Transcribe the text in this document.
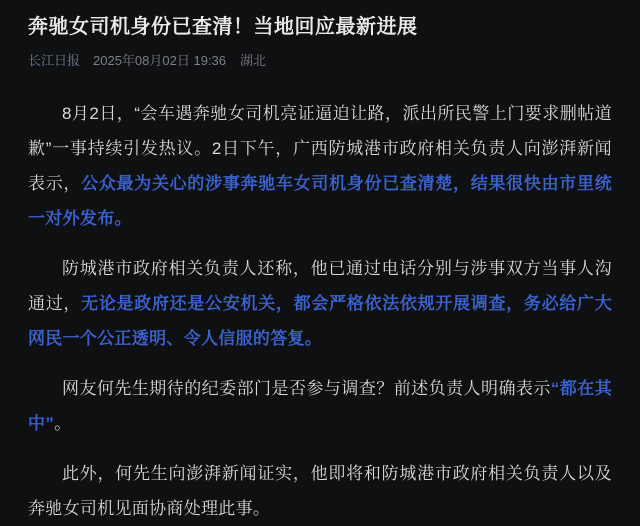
奔驰女司机身份已查清！当地回应最新进展
长江日报 2025年08月02日 19:36 湖北

8月2日，“会车遇奔驰女司机亮证逼迫让路，派出所民警上门要求删帖道歉”一事持续引发热议。2日下午，广西防城港市政府相关负责人向澎湃新闻表示，公众最为关心的涉事奔驰车女司机身份已查清楚，结果很快由市里统一对外发布。

防城港市政府相关负责人还称，他已通过电话分别与涉事双方当事人沟通过，无论是政府还是公安机关，都会严格依法依规开展调查，务必给广大网民一个公正透明、令人信服的答复。

网友何先生期待的纪委部门是否参与调查？前述负责人明确表示“都在其中”。

此外，何先生向澎湃新闻证实，他即将和防城港市政府相关负责人以及奔驰女司机见面协商处理此事。
